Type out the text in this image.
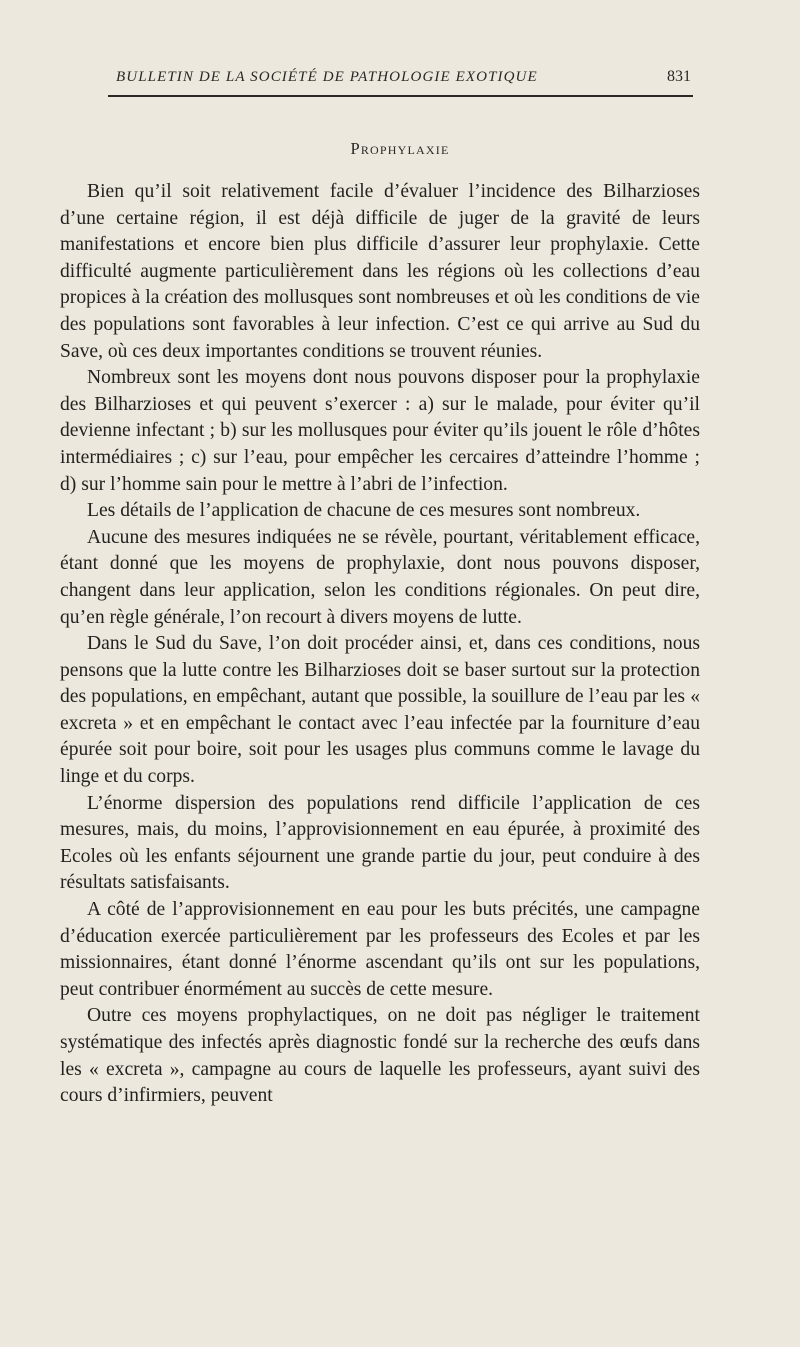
BULLETIN DE LA SOCIÉTÉ DE PATHOLOGIE EXOTIQUE	831
Prophylaxie

Bien qu’il soit relativement facile d’évaluer l’incidence des Bilharzioses d’une certaine région, il est déjà difficile de juger de la gravité de leurs manifestations et encore bien plus difficile d’assurer leur prophylaxie. Cette difficulté augmente particulièrement dans les régions où les collections d’eau propices à la création des mollusques sont nombreuses et où les conditions de vie des populations sont favorables à leur infection. C’est ce qui arrive au Sud du Save, où ces deux importantes conditions se trouvent réunies.

Nombreux sont les moyens dont nous pouvons disposer pour la prophylaxie des Bilharzioses et qui peuvent s’exercer : a) sur le malade, pour éviter qu’il devienne infectant ; b) sur les mollusques pour éviter qu’ils jouent le rôle d’hôtes intermédiaires ; c) sur l’eau, pour empêcher les cercaires d’atteindre l’homme ; d) sur l’homme sain pour le mettre à l’abri de l’infection.

Les détails de l’application de chacune de ces mesures sont nombreux.

Aucune des mesures indiquées ne se révèle, pourtant, véritablement efficace, étant donné que les moyens de prophylaxie, dont nous pouvons disposer, changent dans leur application, selon les conditions régionales. On peut dire, qu’en règle générale, l’on recourt à divers moyens de lutte.

Dans le Sud du Save, l’on doit procéder ainsi, et, dans ces conditions, nous pensons que la lutte contre les Bilharzioses doit se baser surtout sur la protection des populations, en empêchant, autant que possible, la souillure de l’eau par les « excreta » et en empêchant le contact avec l’eau infectée par la fourniture d’eau épurée soit pour boire, soit pour les usages plus communs comme le lavage du linge et du corps.

L’énorme dispersion des populations rend difficile l’application de ces mesures, mais, du moins, l’approvisionnement en eau épurée, à proximité des Ecoles où les enfants séjournent une grande partie du jour, peut conduire à des résultats satisfaisants.

A côté de l’approvisionnement en eau pour les buts précités, une campagne d’éducation exercée particulièrement par les professeurs des Ecoles et par les missionnaires, étant donné l’énorme ascendant qu’ils ont sur les populations, peut contribuer énormément au succès de cette mesure.

Outre ces moyens prophylactiques, on ne doit pas négliger le traitement systématique des infectés après diagnostic fondé sur la recherche des œufs dans les « excreta », campagne au cours de laquelle les professeurs, ayant suivi des cours d’infirmiers, peuvent
